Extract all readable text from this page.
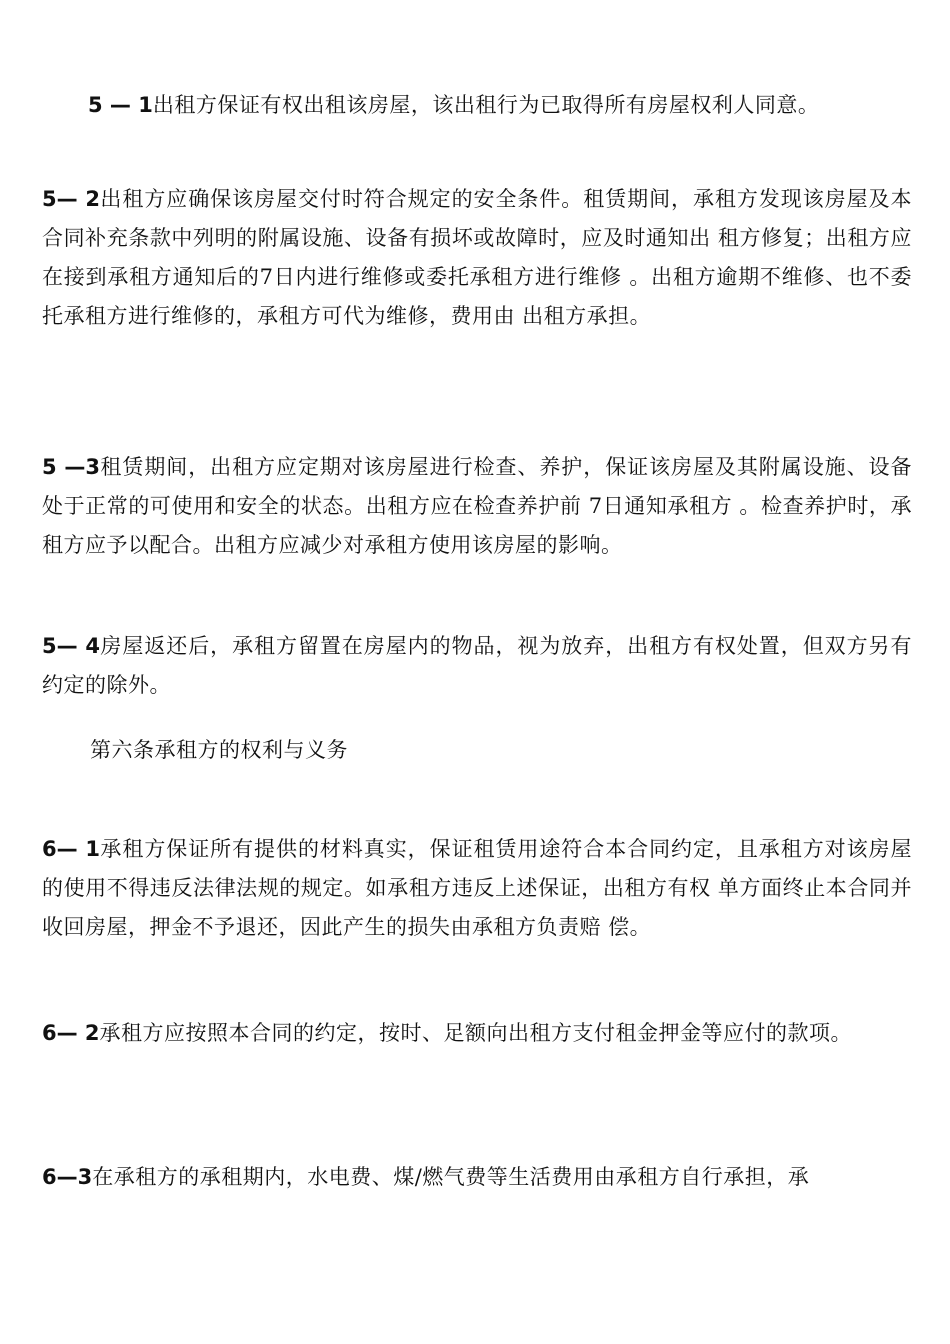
5 — 1出租方保证有权出租该房屋，该出租行为已取得所有房屋权利人同意。

5— 2出租方应确保该房屋交付时符合规定的安全条件。租赁期间，承租方发现该房屋及本合同补充条款中列明的附属设施、设备有损坏或故障时，应及时通知出 租方修复；出租方应在接到承租方通知后的7日内进行维修或委托承租方进行维修 。出租方逾期不维修、也不委托承租方进行维修的，承租方可代为维修，费用由 出租方承担。

5 —3租赁期间，出租方应定期对该房屋进行检查、养护，保证该房屋及其附属设施、设备处于正常的可使用和安全的状态。出租方应在检查养护前 7日通知承租方 。检查养护时，承租方应予以配合。出租方应减少对承租方使用该房屋的影响。

5— 4房屋返还后，承租方留置在房屋内的物品，视为放弃，出租方有权处置，但双方另有约定的除外。

第六条承租方的权利与义务

6— 1承租方保证所有提供的材料真实，保证租赁用途符合本合同约定，且承租方对该房屋的使用不得违反法律法规的规定。如承租方违反上述保证，出租方有权 单方面终止本合同并收回房屋，押金不予退还，因此产生的损失由承租方负责赔 偿。

6— 2承租方应按照本合同的约定，按时、足额向出租方支付租金押金等应付的款项。

6—3在承租方的承租期内，水电费、煤/燃气费等生活费用由承租方自行承担，承
